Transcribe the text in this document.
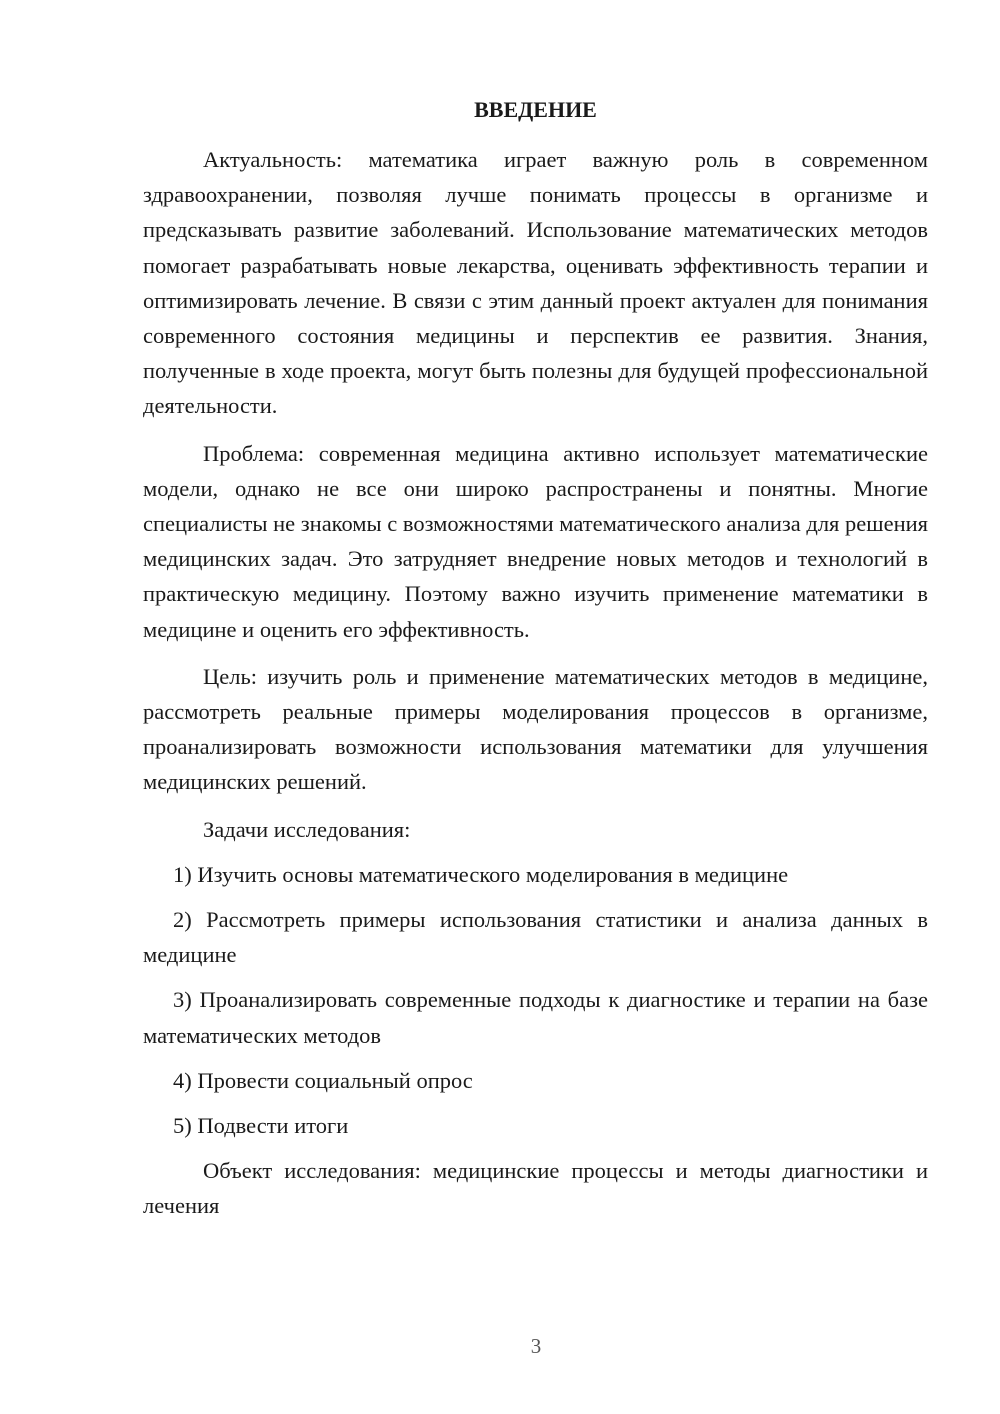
ВВЕДЕНИЕ

Актуальность: математика играет важную роль в современном здравоохранении, позволяя лучше понимать процессы в организме и предсказывать развитие заболеваний. Использование математических методов помогает разрабатывать новые лекарства, оценивать эффективность терапии и оптимизировать лечение. В связи с этим данный проект актуален для понимания современного состояния медицины и перспектив ее развития. Знания, полученные в ходе проекта, могут быть полезны для будущей профессиональной деятельности.

Проблема: современная медицина активно использует математические модели, однако не все они широко распространены и понятны. Многие специалисты не знакомы с возможностями математического анализа для решения медицинских задач. Это затрудняет внедрение новых методов и технологий в практическую медицину. Поэтому важно изучить применение математики в медицине и оценить его эффективность.

Цель: изучить роль и применение математических методов в медицине, рассмотреть реальные примеры моделирования процессов в организме, проанализировать возможности использования математики для улучшения медицинских решений.

Задачи исследования:

1) Изучить основы математического моделирования в медицине

2) Рассмотреть примеры использования статистики и анализа данных в медицине

3) Проанализировать современные подходы к диагностике и терапии на базе математических методов

4) Провести социальный опрос

5) Подвести итоги

Объект исследования: медицинские процессы и методы диагностики и лечения

3
